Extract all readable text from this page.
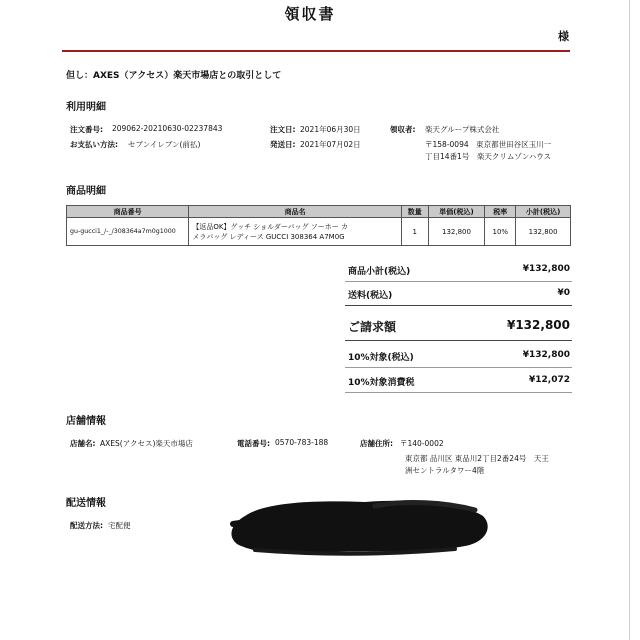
領収書
様
但し：AXES（アクセス）楽天市場店との取引として
利用明細
注文番号: 209062-20210630-02237843	注文日: 2021年06月30日	領収者: 楽天グループ株式会社
お支払い方法: セブンイレブン(前払)	発送日: 2021年07月02日	〒158-0094　東京都世田谷区玉川一
丁目14番1号　楽天クリムゾンハウス
商品明細
商品番号	商品名	数量	単価(税込)	税率	小計(税込)
gu-gucci1_/-_/308364a7m0g1000	【返品OK】グッチ ショルダーバッグ ソーホー カ
メラバッグ レディース GUCCI 308364 A7M0G	1	132,800	10%	132,800
商品小計(税込)	¥132,800
送料(税込)	¥0
ご請求額	¥132,800
10%対象(税込)	¥132,800
10%対象消費税	¥12,072
店舗情報
店舗名: AXES(アクセス)楽天市場店	電話番号: 0570-783-188	店舗住所: 〒140-0002
東京都 品川区 東品川2丁目2番24号　天王
洲セントラルタワー4階
配送情報
配送方法: 宅配便
